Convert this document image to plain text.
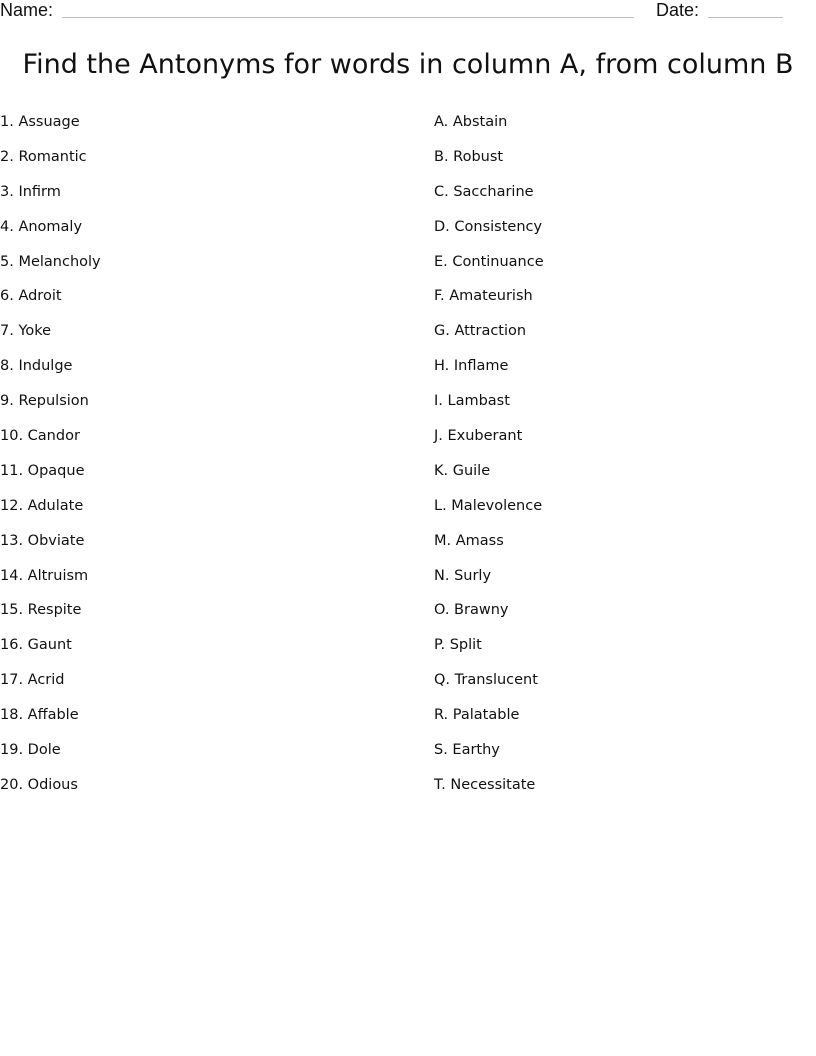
Name:	Date:
Find the Antonyms for words in column A, from column B
1. Assuage
2. Romantic
3. Infirm
4. Anomaly
5. Melancholy
6. Adroit
7. Yoke
8. Indulge
9. Repulsion
10. Candor
11. Opaque
12. Adulate
13. Obviate
14. Altruism
15. Respite
16. Gaunt
17. Acrid
18. Affable
19. Dole
20. Odious
A. Abstain
B. Robust
C. Saccharine
D. Consistency
E. Continuance
F. Amateurish
G. Attraction
H. Inflame
I. Lambast
J. Exuberant
K. Guile
L. Malevolence
M. Amass
N. Surly
O. Brawny
P. Split
Q. Translucent
R. Palatable
S. Earthy
T. Necessitate
